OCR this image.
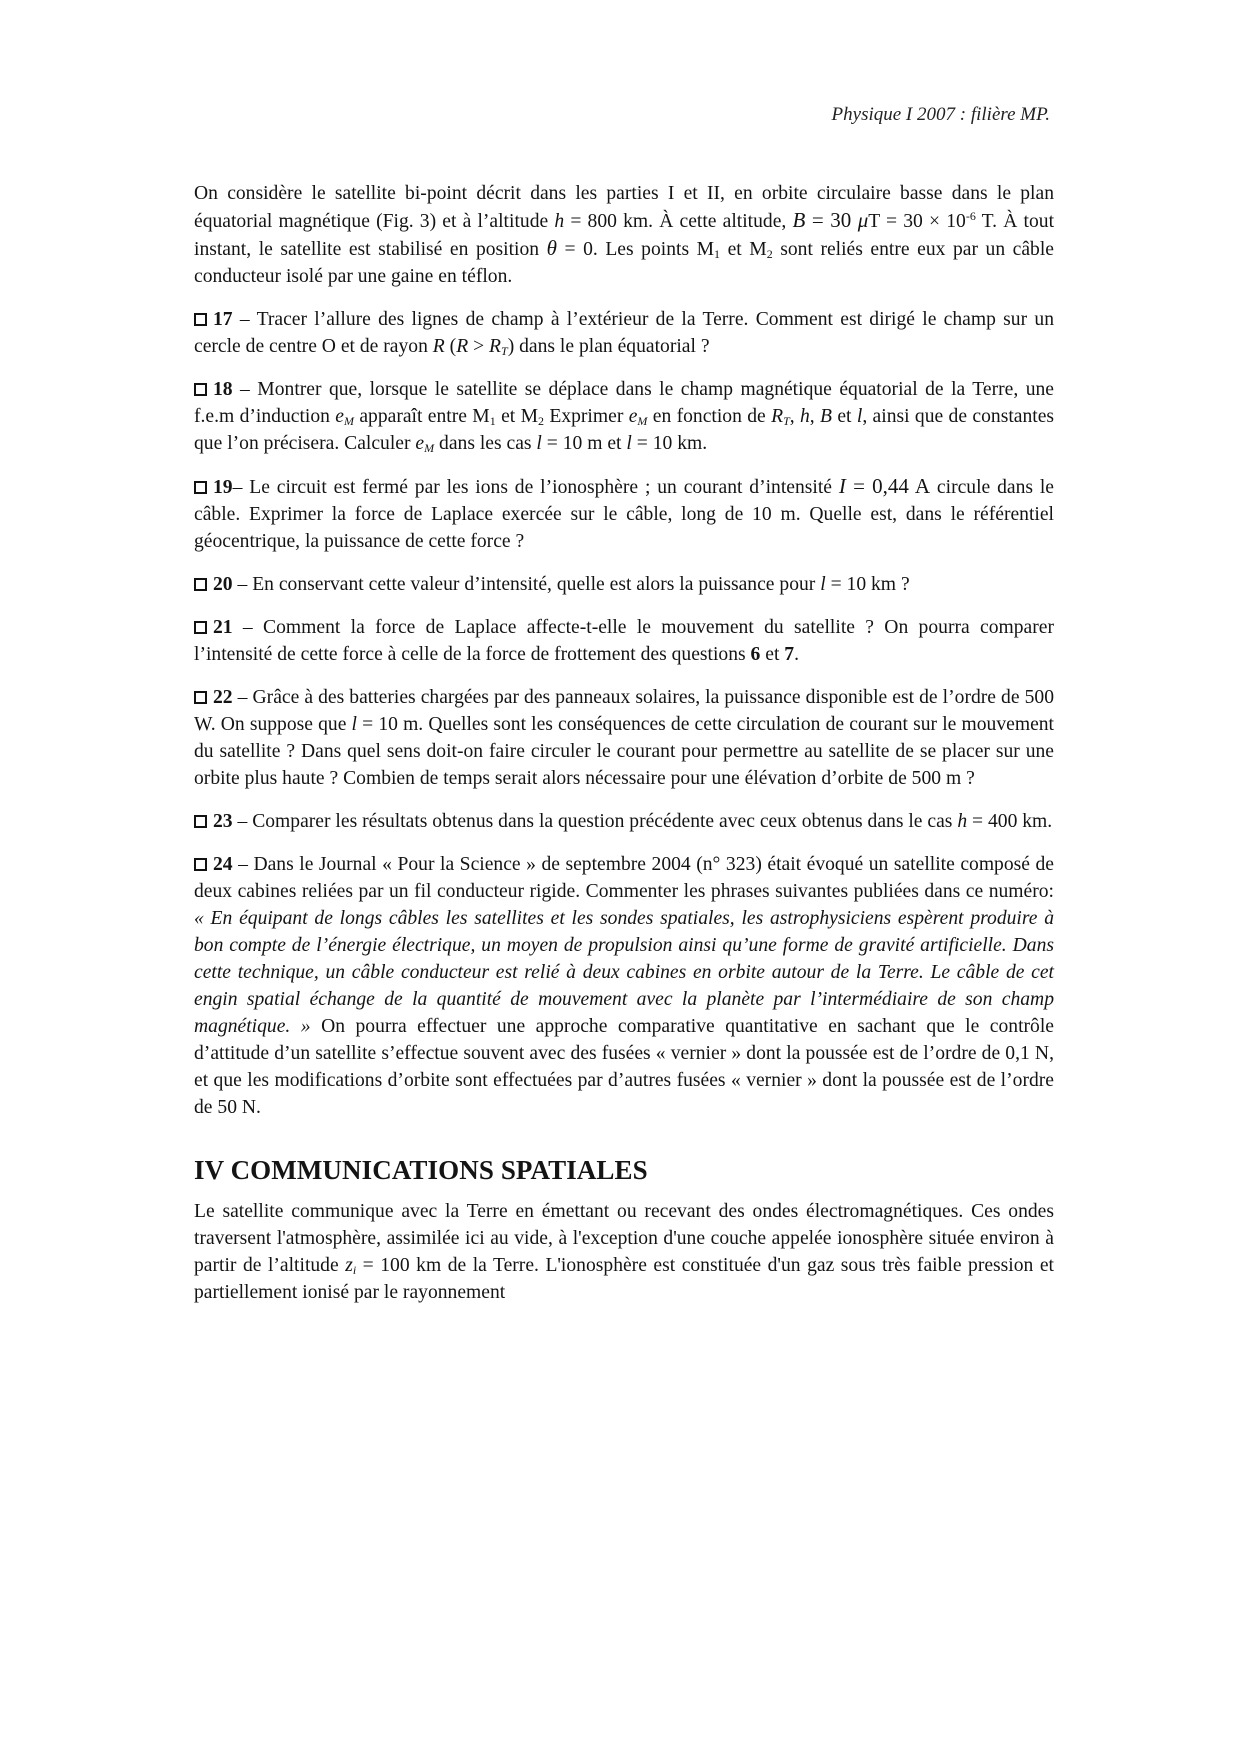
Physique I 2007 : filière MP.

On considère le satellite bi-point décrit dans les parties I et II, en orbite circulaire basse dans le plan équatorial magnétique (Fig. 3) et à l’altitude h = 800 km. À cette altitude, B = 30 $\mu T = 30 \times 10^{-6}$ T. À tout instant, le satellite est stabilisé en position θ = 0. Les points $M_1$ et $M_2$ sont reliés entre eux par un câble conducteur isolé par une gaine en téflon.

17 – Tracer l’allure des lignes de champ à l’extérieur de la Terre. Comment est dirigé le champ sur un cercle de centre O et de rayon R $(R > R_T)$ dans le plan équatorial ?

18 – Montrer que, lorsque le satellite se déplace dans le champ magnétique équatorial de la Terre, une f.e.m d’induction $e_M$ apparaît entre $M_1$ et $M_2$ Exprimer $e_M$ en fonction de $R_T$, h, B et l, ainsi que de constantes que l’on précisera. Calculer $e_M$ dans les cas l = 10 m et l = 10 km.

19– Le circuit est fermé par les ions de l’ionosphère ; un courant d’intensité I = 0,44 A circule dans le câble. Exprimer la force de Laplace exercée sur le câble, long de 10 m. Quelle est, dans le référentiel géocentrique, la puissance de cette force ?

20 – En conservant cette valeur d’intensité, quelle est alors la puissance pour l = 10 km ?

21 – Comment la force de Laplace affecte-t-elle le mouvement du satellite ? On pourra comparer l’intensité de cette force à celle de la force de frottement des questions 6 et 7.

22 – Grâce à des batteries chargées par des panneaux solaires, la puissance disponible est de l’ordre de 500 W. On suppose que l = 10 m. Quelles sont les conséquences de cette circulation de courant sur le mouvement du satellite ? Dans quel sens doit-on faire circuler le courant pour permettre au satellite de se placer sur une orbite plus haute ? Combien de temps serait alors nécessaire pour une élévation d’orbite de 500 m ?

23 – Comparer les résultats obtenus dans la question précédente avec ceux obtenus dans le cas h = 400 km.

24 – Dans le Journal « Pour la Science » de septembre 2004 (n° 323) était évoqué un satellite composé de deux cabines reliées par un fil conducteur rigide. Commenter les phrases suivantes publiées dans ce numéro: « En équipant de longs câbles les satellites et les sondes spatiales, les astrophysiciens espèrent produire à bon compte de l’énergie électrique, un moyen de propulsion ainsi qu’une forme de gravité artificielle. Dans cette technique, un câble conducteur est relié à deux cabines en orbite autour de la Terre. Le câble de cet engin spatial échange de la quantité de mouvement avec la planète par l’intermédiaire de son champ magnétique. » On pourra effectuer une approche comparative quantitative en sachant que le contrôle d’attitude d’un satellite s’effectue souvent avec des fusées « vernier » dont la poussée est de l’ordre de 0,1 N, et que les modifications d’orbite sont effectuées par d’autres fusées « vernier » dont la poussée est de l’ordre de 50 N.

IV COMMUNICATIONS SPATIALES

Le satellite communique avec la Terre en émettant ou recevant des ondes électromagnétiques. Ces ondes traversent l'atmosphère, assimilée ici au vide, à l'exception d'une couche appelée ionosphère située environ à partir de l’altitude $z_i = 100$ km de la Terre. L'ionosphère est constituée d'un gaz sous très faible pression et partiellement ionisé par le rayonnement
